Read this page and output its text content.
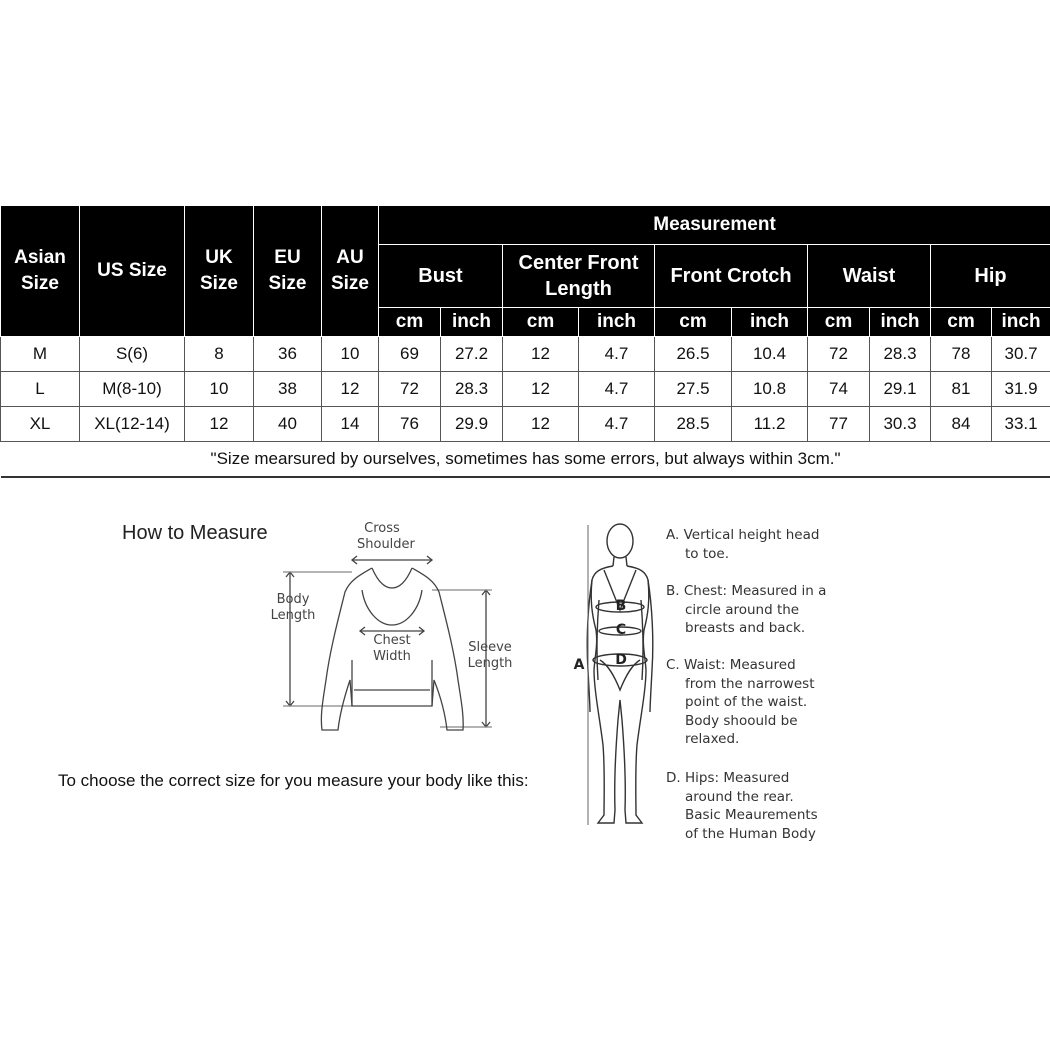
Asian Size	US Size	UK Size	EU Size	AU Size	Measurement									
					Bust		Center Front Length		Front Crotch		Waist		Hip	
					cm	inch	cm	inch	cm	inch	cm	inch	cm	inch
M	S(6)	8	36	10	69	27.2	12	4.7	26.5	10.4	72	28.3	78	30.7
L	M(8-10)	10	38	12	72	28.3	12	4.7	27.5	10.8	74	29.1	81	31.9
XL	XL(12-14)	12	40	14	76	29.9	12	4.7	28.5	11.2	77	30.3	84	33.1
"Size mearsured by ourselves, sometimes has some errors, but always within 3cm."														
How to Measure	Cross Shoulder
Body Length
Chest Width
Sleeve Length
To choose the correct size for you measure your body like this:
B
C
D
A
A. Vertical height head
to toe.
B. Chest: Measured in a
circle around the
breasts and back.
C. Waist: Measured
from the narrowest
point of the waist.
Body shoould be
relaxed.
D. Hips: Measured
around the rear.
Basic Meaurements
of the Human Body
